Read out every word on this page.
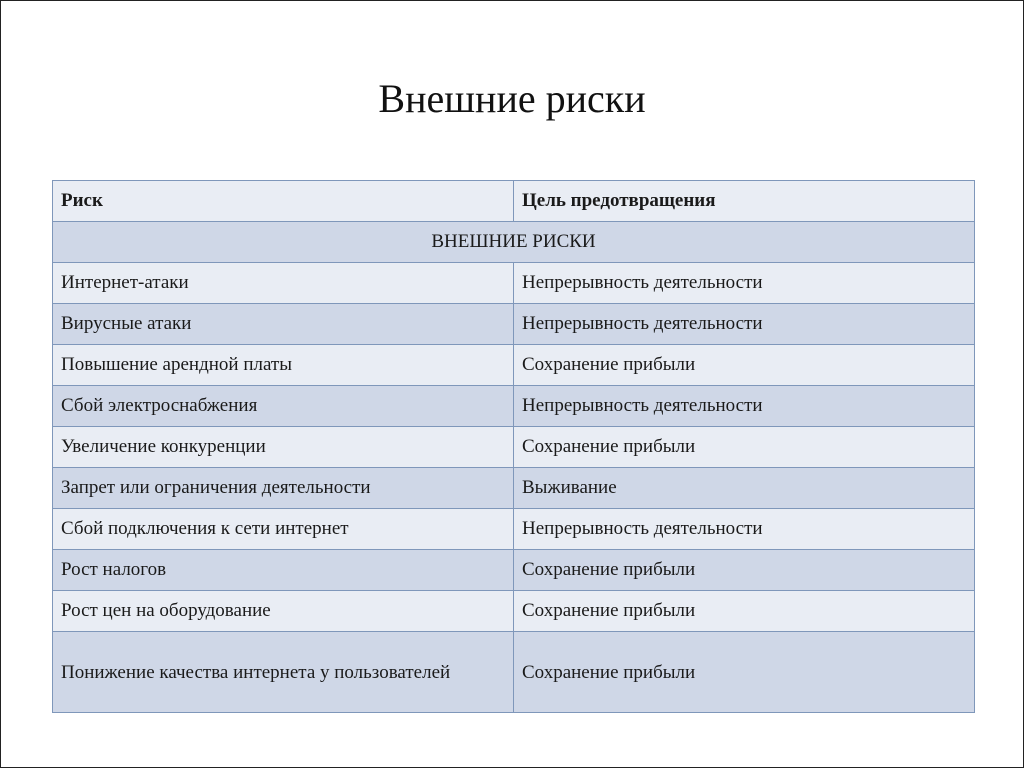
Внешние риски
Риск	Цель предотвращения
ВНЕШНИЕ РИСКИ	
Интернет-атаки	Непрерывность деятельности
Вирусные атаки	Непрерывность деятельности
Повышение арендной платы	Сохранение прибыли
Сбой электроснабжения	Непрерывность деятельности
Увеличение конкуренции	Сохранение прибыли
Запрет или ограничения деятельности	Выживание
Сбой подключения к сети интернет	Непрерывность деятельности
Рост налогов	Сохранение прибыли
Рост цен на оборудование	Сохранение прибыли
Понижение качества интернета у пользователей	Сохранение прибыли
